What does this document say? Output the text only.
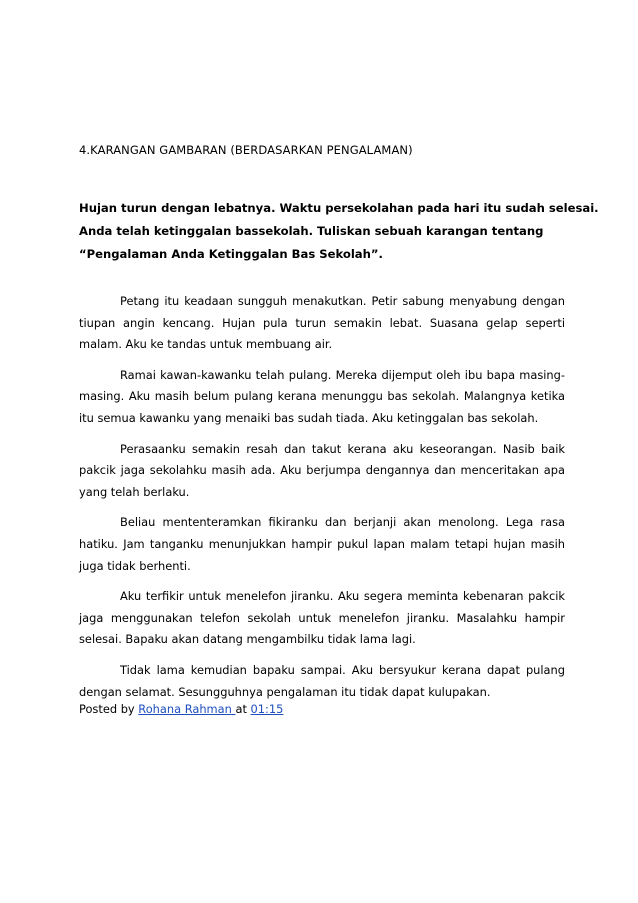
4.KARANGAN GAMBARAN (BERDASARKAN PENGALAMAN)
Hujan turun dengan lebatnya. Waktu persekolahan pada hari itu sudah selesai.
Anda telah ketinggalan bassekolah. Tuliskan sebuah karangan tentang
“Pengalaman Anda Ketinggalan Bas Sekolah”.

Petang itu keadaan sungguh menakutkan. Petir sabung menyabung dengan tiupan angin kencang. Hujan pula turun semakin lebat. Suasana gelap seperti malam. Aku ke tandas untuk membuang air.

Ramai kawan-kawanku telah pulang. Mereka dijemput oleh ibu bapa masing-masing. Aku masih belum pulang kerana menunggu bas sekolah. Malangnya ketika itu semua kawanku yang menaiki bas sudah tiada. Aku ketinggalan bas sekolah.

Perasaanku semakin resah dan takut kerana aku keseorangan. Nasib baik pakcik jaga sekolahku masih ada. Aku berjumpa dengannya dan menceritakan apa yang telah berlaku.

Beliau mententeramkan fikiranku dan berjanji akan menolong. Lega rasa hatiku. Jam tanganku menunjukkan hampir pukul lapan malam tetapi hujan masih juga tidak berhenti.

Aku terfikir untuk menelefon jiranku. Aku segera meminta kebenaran pakcik jaga menggunakan telefon sekolah untuk menelefon jiranku. Masalahku hampir selesai. Bapaku akan datang mengambilku tidak lama lagi.

Tidak lama kemudian bapaku sampai. Aku bersyukur kerana dapat pulang dengan selamat. Sesungguhnya pengalaman itu tidak dapat kulupakan.

Posted by Rohana Rahman at 01:15
